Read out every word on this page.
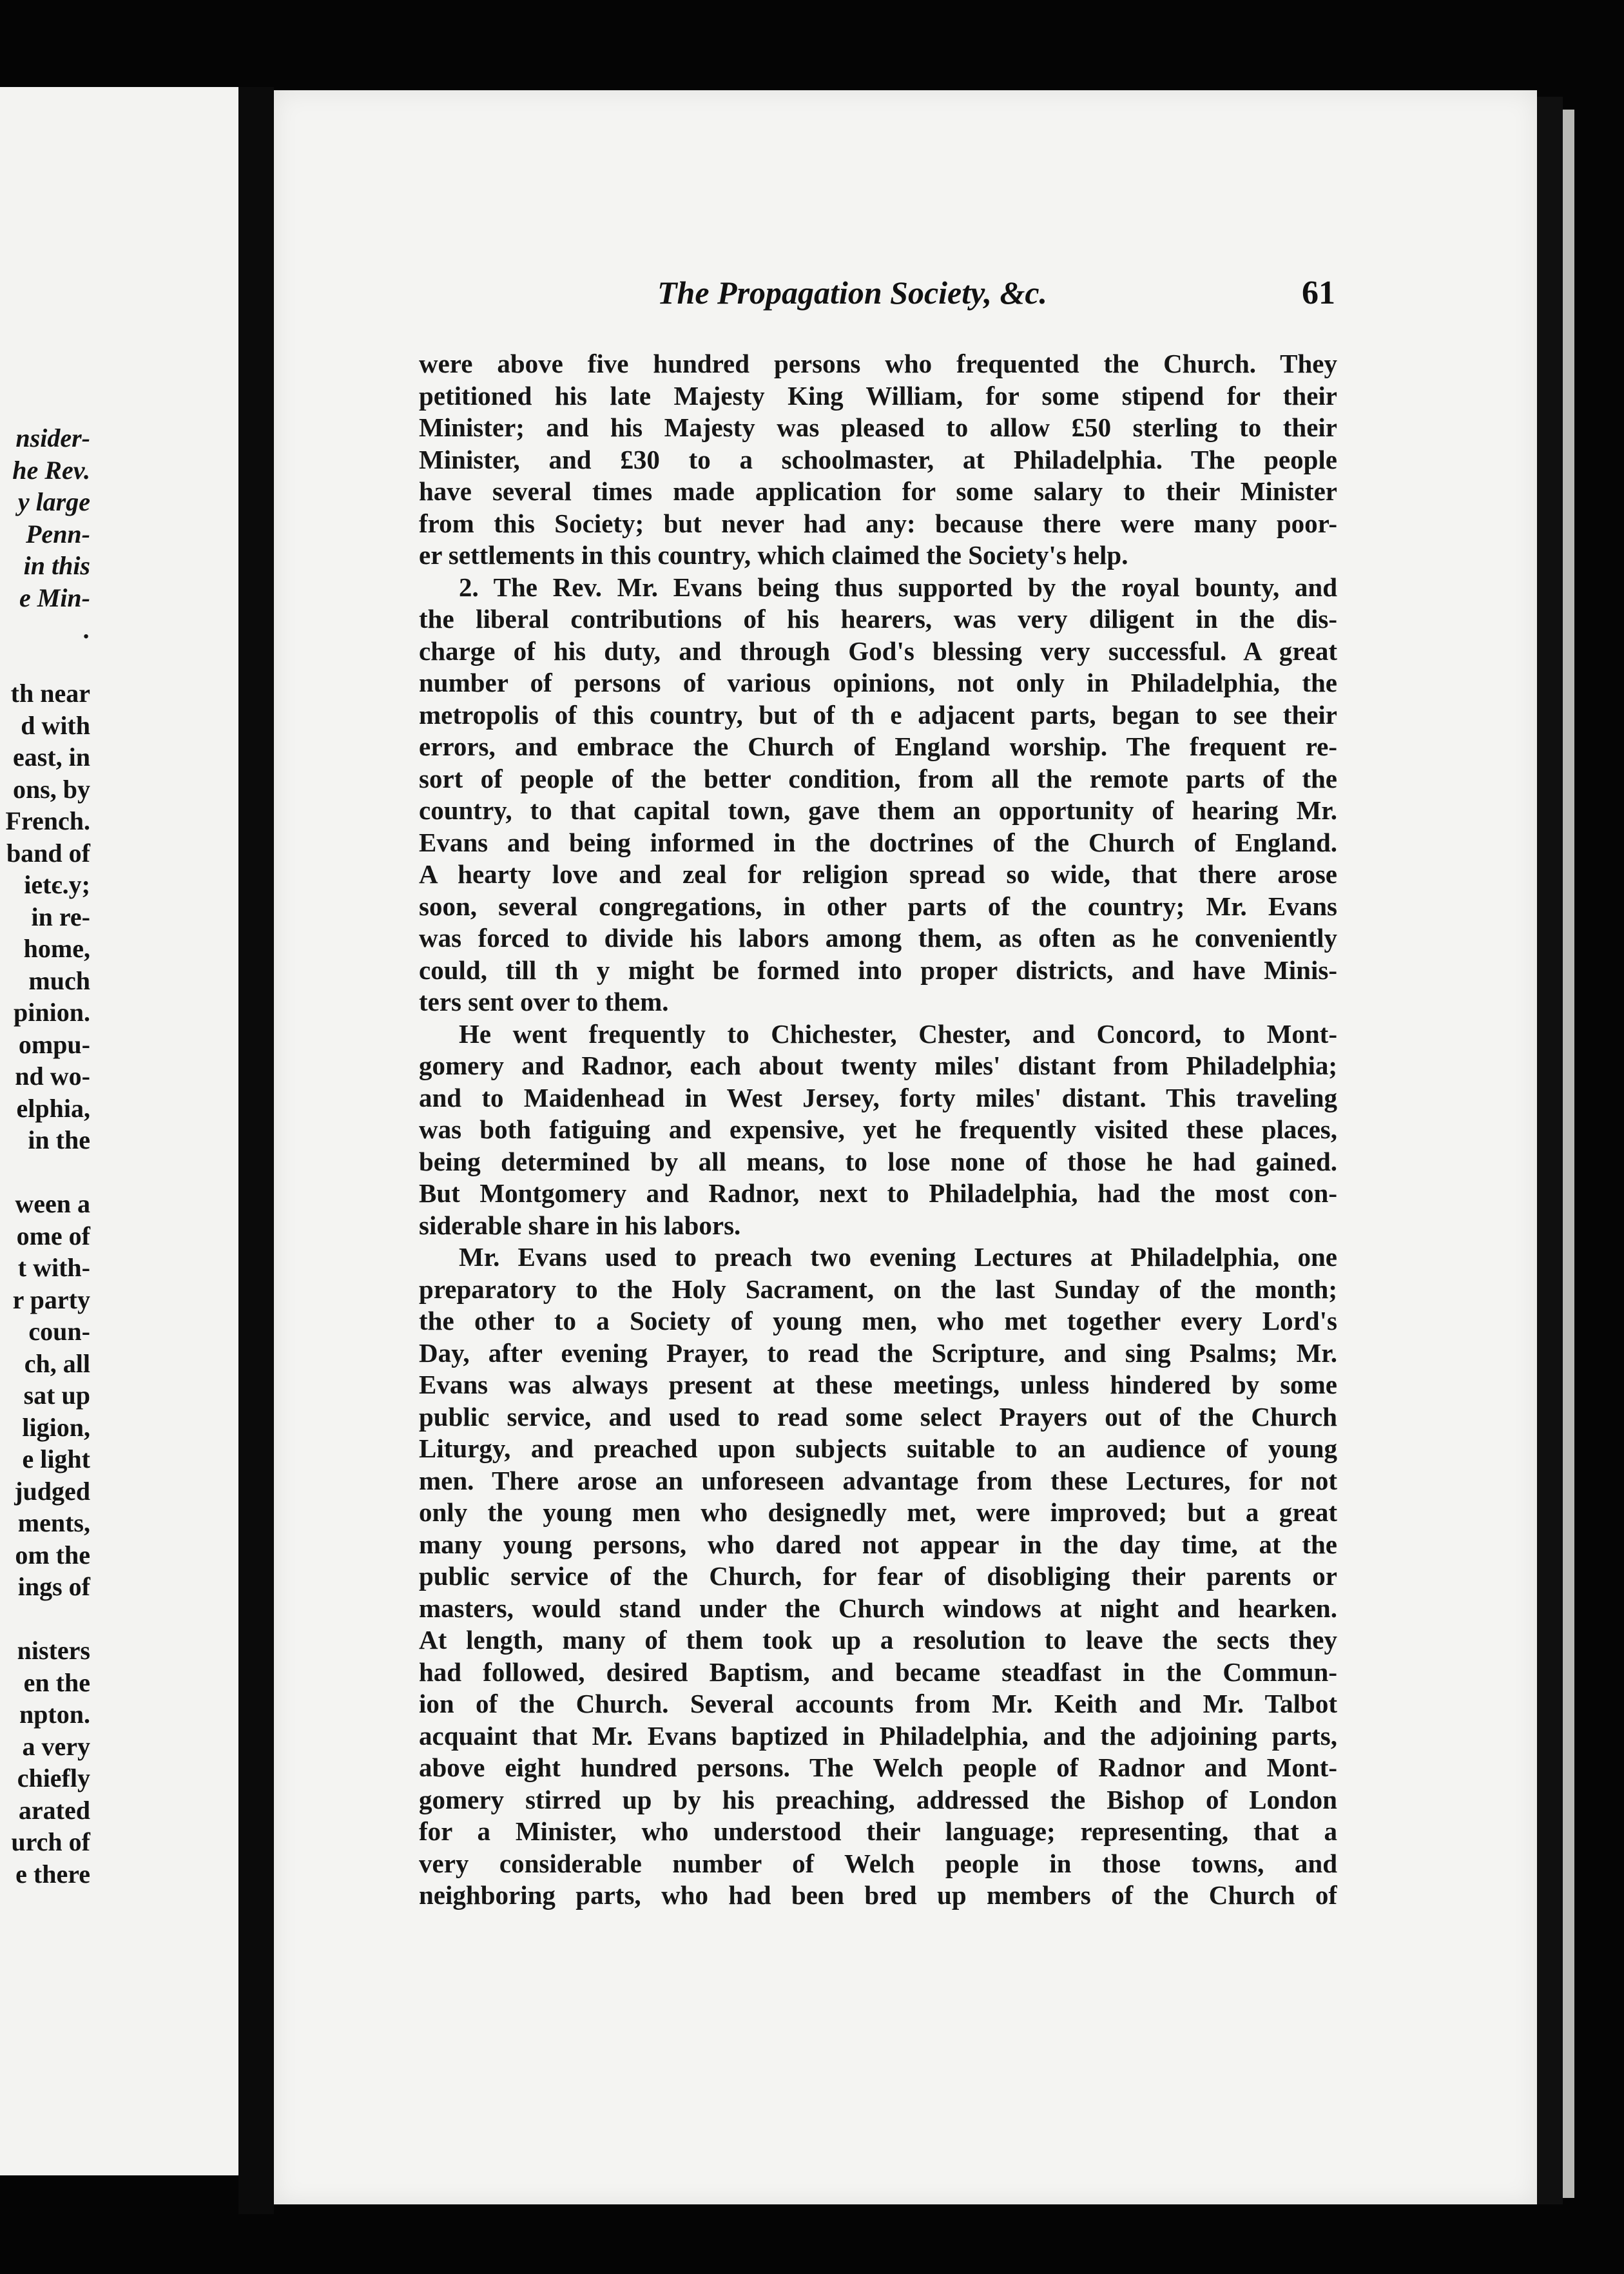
nsider-
he Rev.
y large
Penn-
in this
e Min-
.
th near
d with
east, in
ons, by
French.
band of
ietє.y;
in re-
home,
much
pinion.
ompu-
nd wo-
elphia,
in the
ween a
ome of
t with-
r party
coun-
ch, all
sat up
ligion,
e light
judged
ments,
om the
ings of
nisters
en the
npton.
a very
chiefly
arated
urch of
e there
The Propagation Society, &c.	61
were above five hundred persons who frequented the Church. They
petitioned his late Majesty King William, for some stipend for their
Minister; and his Majesty was pleased to allow £50 sterling to their
Minister, and £30 to a schoolmaster, at Philadelphia. The people
have several times made application for some salary to their Minister
from this Society; but never had any: because there were many poor-
er settlements in this country, which claimed the Society's help.
2. The Rev. Mr. Evans being thus supported by the royal bounty, and
the liberal contributions of his hearers, was very diligent in the dis-
charge of his duty, and through God's blessing very successful. A great
number of persons of various opinions, not only in Philadelphia, the
metropolis of this country, but of th e adjacent parts, began to see their
errors, and embrace the Church of England worship. The frequent re-
sort of people of the better condition, from all the remote parts of the
country, to that capital town, gave them an opportunity of hearing Mr.
Evans and being informed in the doctrines of the Church of England.
A hearty love and zeal for religion spread so wide, that there arose
soon, several congregations, in other parts of the country; Mr. Evans
was forced to divide his labors among them, as often as he conveniently
could, till th y might be formed into proper districts, and have Minis-
ters sent over to them.
He went frequently to Chichester, Chester, and Concord, to Mont-
gomery and Radnor, each about twenty miles' distant from Philadelphia;
and to Maidenhead in West Jersey, forty miles' distant. This traveling
was both fatiguing and expensive, yet he frequently visited these places,
being determined by all means, to lose none of those he had gained.
But Montgomery and Radnor, next to Philadelphia, had the most con-
siderable share in his labors.
Mr. Evans used to preach two evening Lectures at Philadelphia, one
preparatory to the Holy Sacrament, on the last Sunday of the month;
the other to a Society of young men, who met together every Lord's
Day, after evening Prayer, to read the Scripture, and sing Psalms; Mr.
Evans was always present at these meetings, unless hindered by some
public service, and used to read some select Prayers out of the Church
Liturgy, and preached upon subjects suitable to an audience of young
men. There arose an unforeseen advantage from these Lectures, for not
only the young men who designedly met, were improved; but a great
many young persons, who dared not appear in the day time, at the
public service of the Church, for fear of disobliging their parents or
masters, would stand under the Church windows at night and hearken.
At length, many of them took up a resolution to leave the sects they
had followed, desired Baptism, and became steadfast in the Commun-
ion of the Church. Several accounts from Mr. Keith and Mr. Talbot
acquaint that Mr. Evans baptized in Philadelphia, and the adjoining parts,
above eight hundred persons. The Welch people of Radnor and Mont-
gomery stirred up by his preaching, addressed the Bishop of London
for a Minister, who understood their language; representing, that a
very considerable number of Welch people in those towns, and
neighboring parts, who had been bred up members of the Church of
